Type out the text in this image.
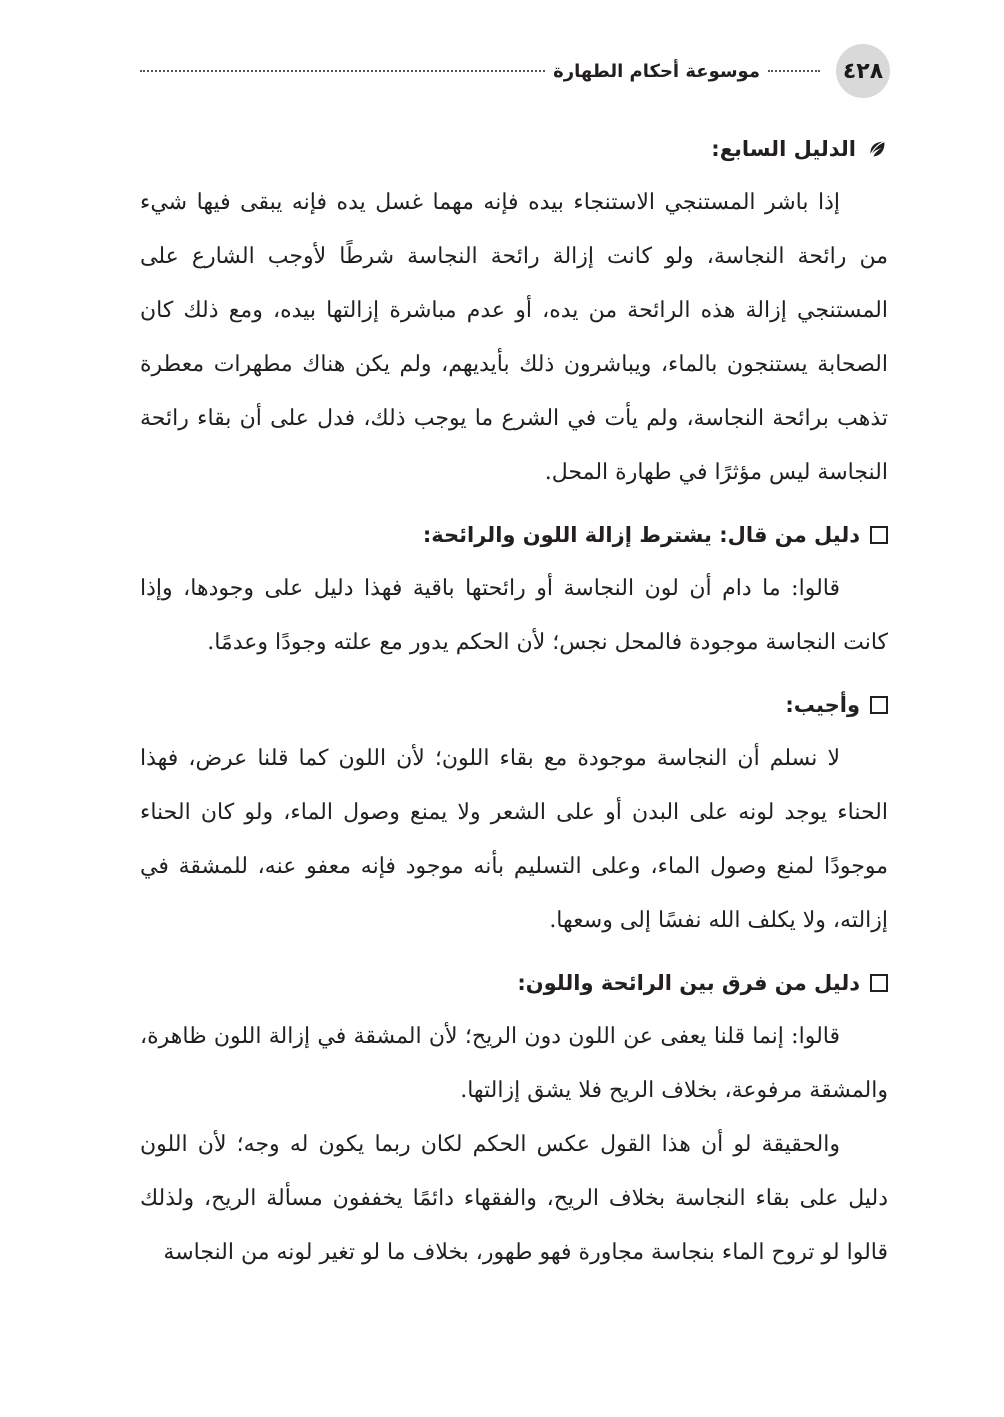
٤٢٨
موسوعة أحكام الطهارة
الدليل السابع:

إذا باشر المستنجي الاستنجاء بيده فإنه مهما غسل يده فإنه يبقى فيها شيء من رائحة النجاسة، ولو كانت إزالة رائحة النجاسة شرطًا لأوجب الشارع على المستنجي إزالة هذه الرائحة من يده، أو عدم مباشرة إزالتها بيده، ومع ذلك كان الصحابة يستنجون بالماء، ويباشرون ذلك بأيديهم، ولم يكن هناك مطهرات معطرة تذهب برائحة النجاسة، ولم يأت في الشرع ما يوجب ذلك، فدل على أن بقاء رائحة النجاسة ليس مؤثرًا في طهارة المحل.

دليل من قال: يشترط إزالة اللون والرائحة:

قالوا: ما دام أن لون النجاسة أو رائحتها باقية فهذا دليل على وجودها، وإذا كانت النجاسة موجودة فالمحل نجس؛ لأن الحكم يدور مع علته وجودًا وعدمًا.

وأجيب:

لا نسلم أن النجاسة موجودة مع بقاء اللون؛ لأن اللون كما قلنا عرض، فهذا الحناء يوجد لونه على البدن أو على الشعر ولا يمنع وصول الماء، ولو كان الحناء موجودًا لمنع وصول الماء، وعلى التسليم بأنه موجود فإنه معفو عنه، للمشقة في إزالته، ولا يكلف الله نفسًا إلى وسعها.

دليل من فرق بين الرائحة واللون:

قالوا: إنما قلنا يعفى عن اللون دون الريح؛ لأن المشقة في إزالة اللون ظاهرة، والمشقة مرفوعة، بخلاف الريح فلا يشق إزالتها.

والحقيقة لو أن هذا القول عكس الحكم لكان ربما يكون له وجه؛ لأن اللون دليل على بقاء النجاسة بخلاف الريح، والفقهاء دائمًا يخففون مسألة الريح، ولذلك قالوا لو تروح الماء بنجاسة مجاورة فهو طهور، بخلاف ما لو تغير لونه من النجاسة
